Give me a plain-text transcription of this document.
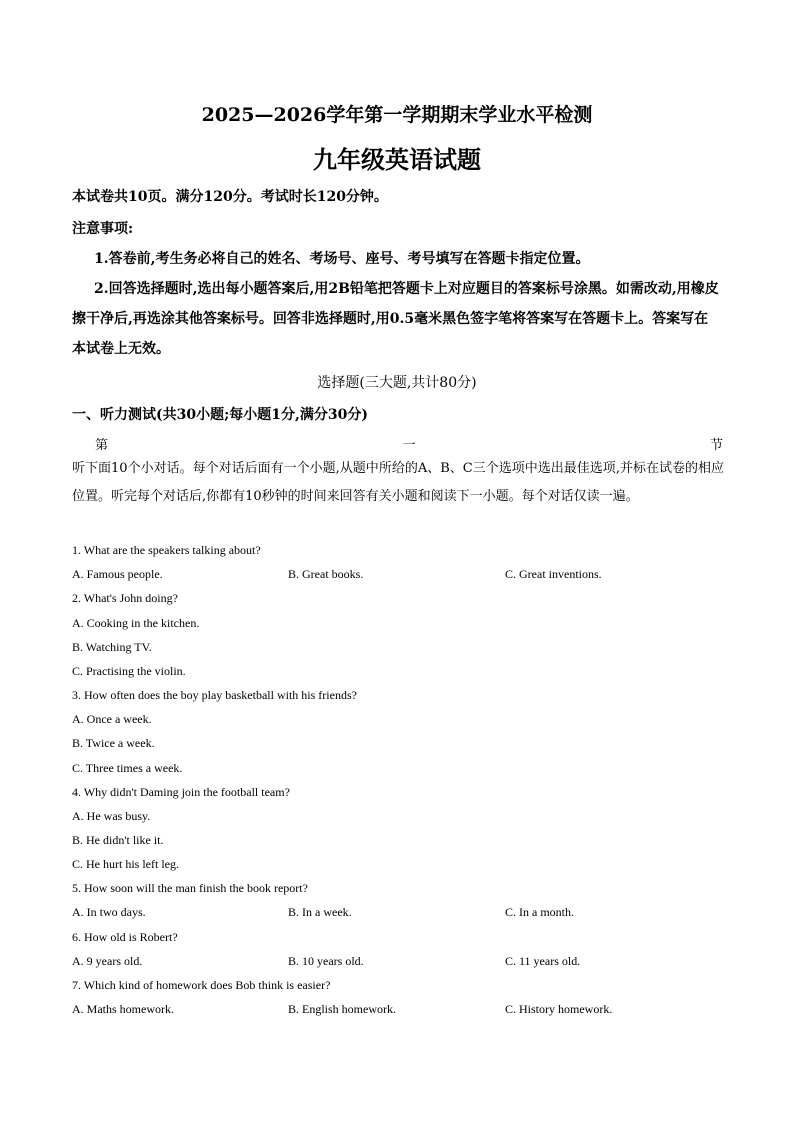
2025—2026学年第一学期期末学业水平检测
九年级英语试题
本试卷共10页。满分120分。考试时长120分钟。
注意事项:
1.答卷前,考生务必将自己的姓名、考场号、座号、考号填写在答题卡指定位置。
2.回答选择题时,选出每小题答案后,用2B铅笔把答题卡上对应题目的答案标号涂黑。如需改动,用橡皮擦干净后,再选涂其他答案标号。回答非选择题时,用0.5毫米黑色签字笔将答案写在答题卡上。答案写在本试卷上无效。
选择题(三大题,共计80分)
一、听力测试(共30小题;每小题1分,满分30分)
第	一	节
听下面10个小对话。每个对话后面有一个小题,从题中所给的A、B、C三个选项中选出最佳选项,并标在试卷的相应位置。听完每个对话后,你都有10秒钟的时间来回答有关小题和阅读下一小题。每个对话仅读一遍。
1. What are the speakers talking about?
A. Famous people.	B. Great books.	C. Great inventions.
2. What's John doing?
A. Cooking in the kitchen.
B. Watching TV.
C. Practising the violin.
3. How often does the boy play basketball with his friends?
A. Once a week.
B. Twice a week.
C. Three times a week.
4. Why didn't Daming join the football team?
A. He was busy.
B. He didn't like it.
C. He hurt his left leg.
5. How soon will the man finish the book report?
A. In two days.	B. In a week.	C. In a month.
6. How old is Robert?
A. 9 years old.	B. 10 years old.	C. 11 years old.
7. Which kind of homework does Bob think is easier?
A. Maths homework.	B. English homework.	C. History homework.
